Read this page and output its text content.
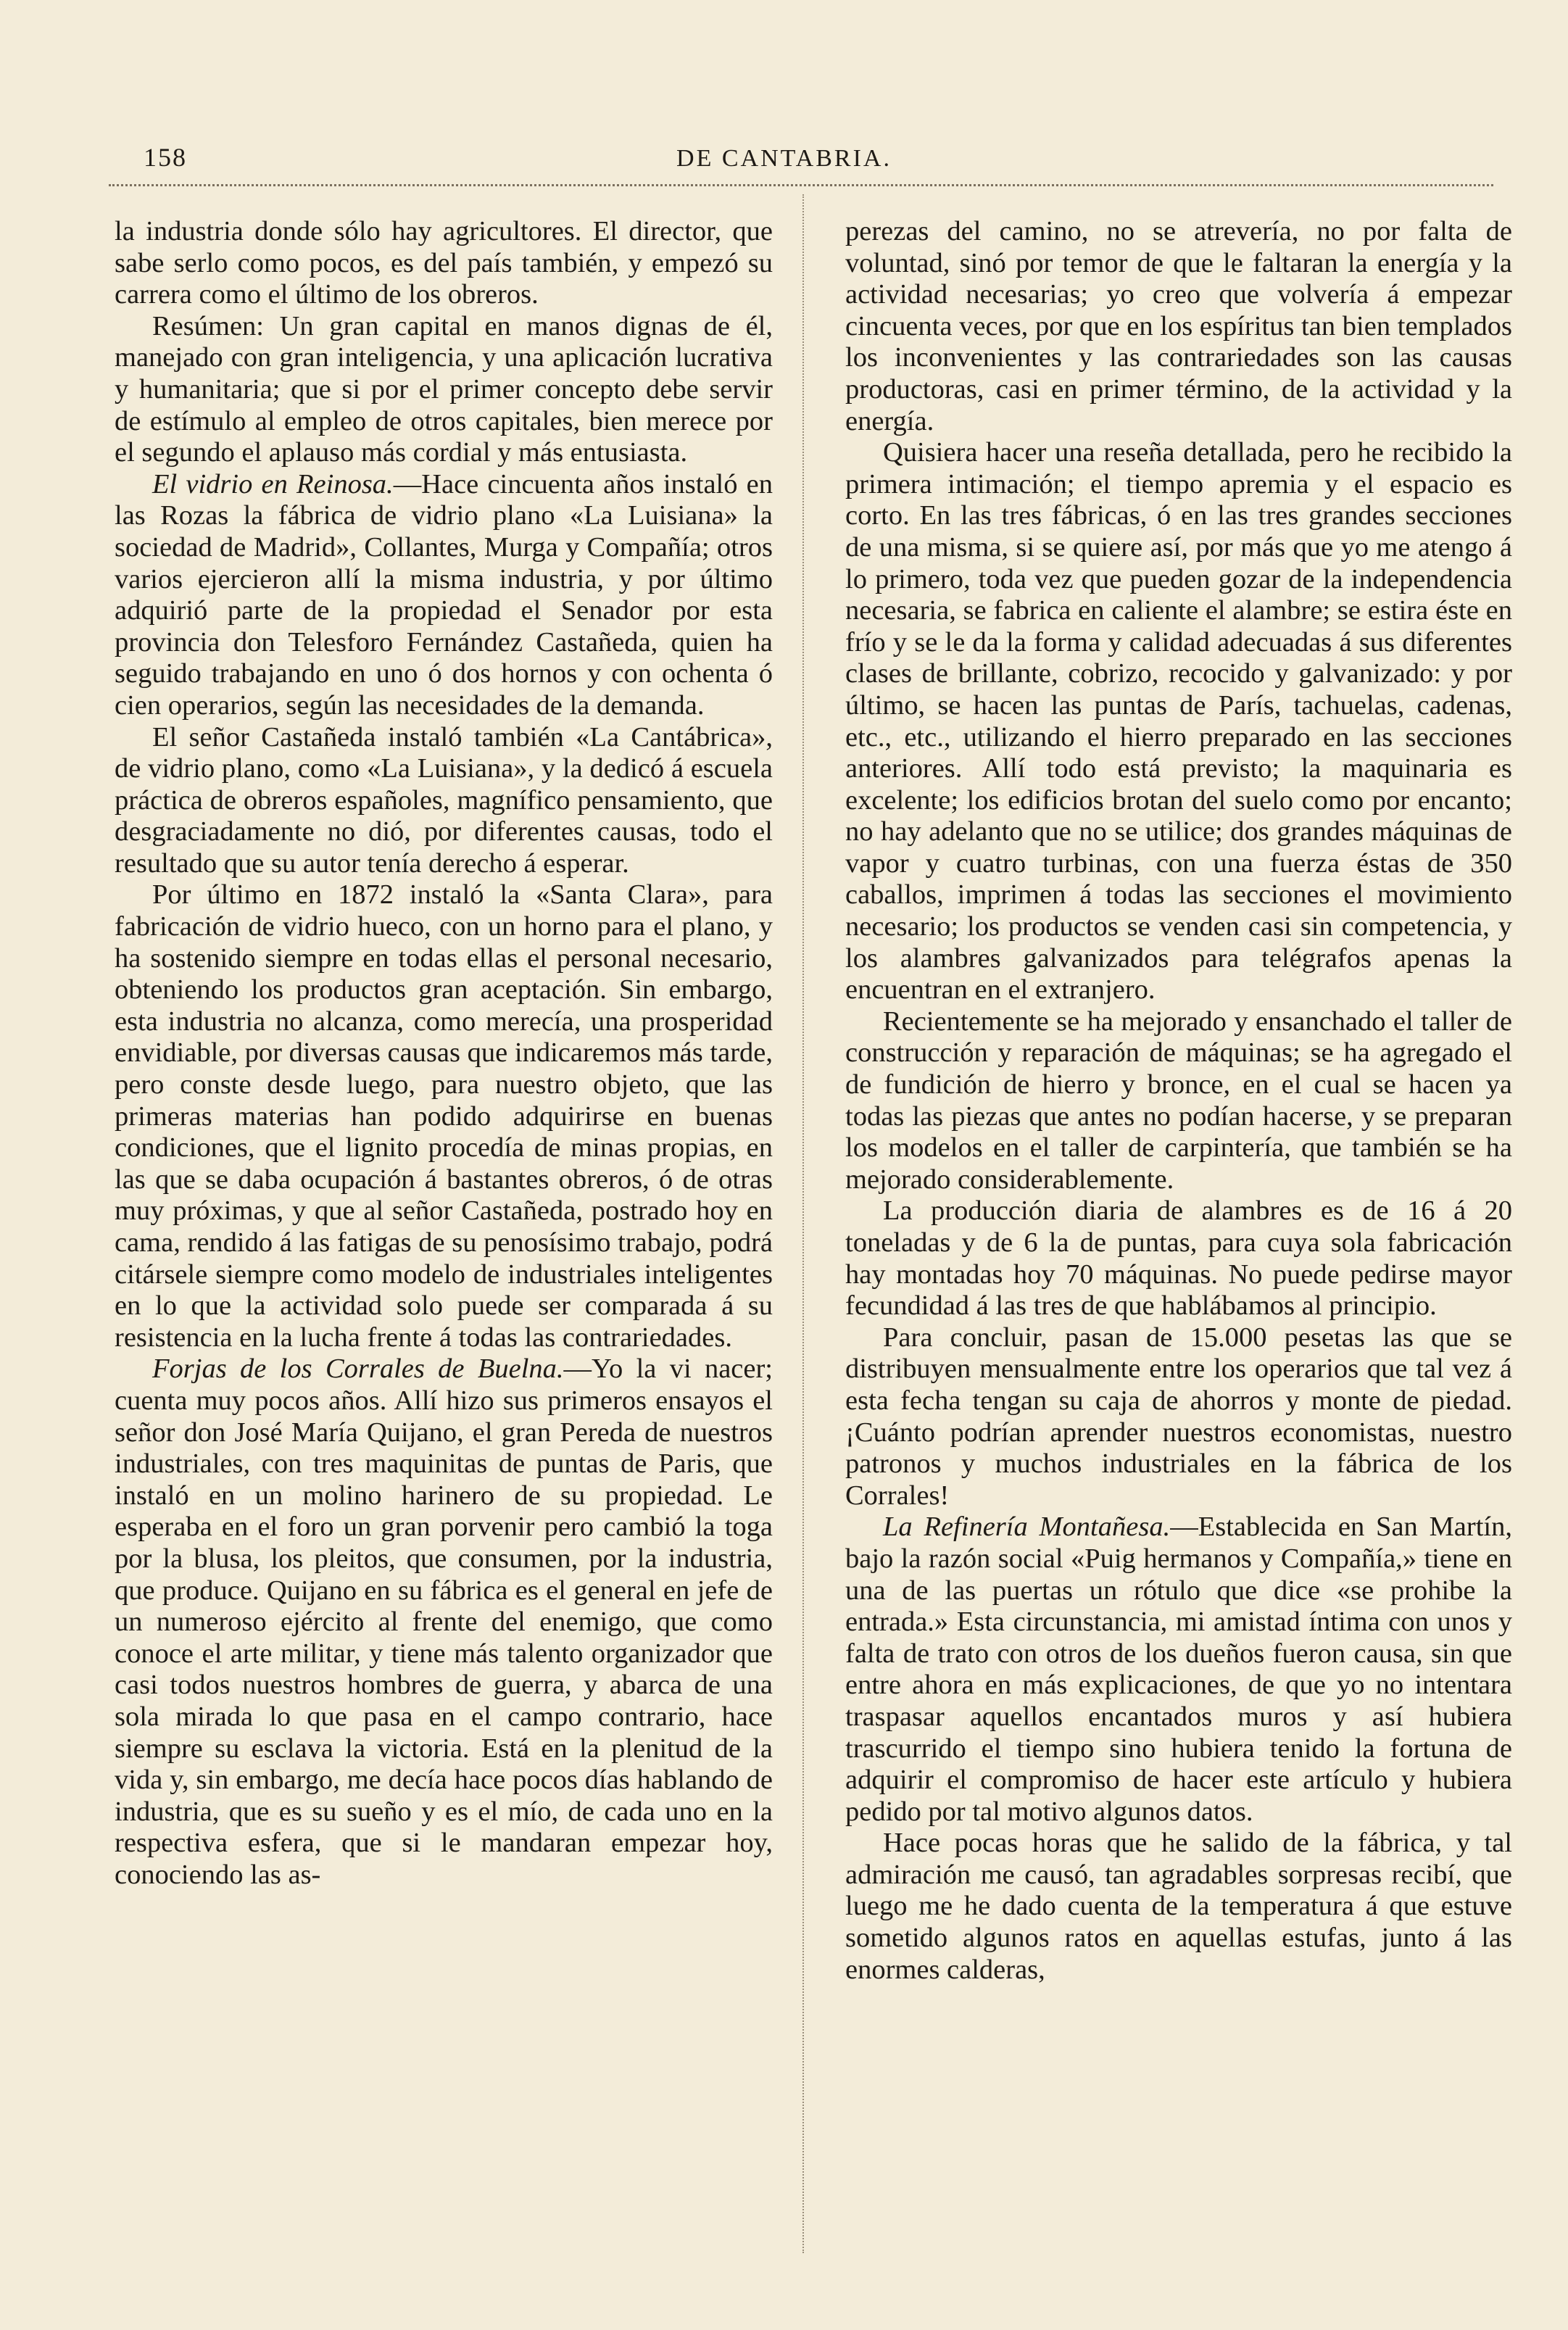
158	DE CANTABRIA.

la industria donde sólo hay agricultores. El director, que sabe serlo como pocos, es del país también, y empezó su carrera como el último de los obreros.

Resúmen: Un gran capital en manos dignas de él, manejado con gran inteligencia, y una aplicación lucrativa y humanitaria; que si por el primer concepto debe servir de estímulo al empleo de otros capitales, bien merece por el segundo el aplauso más cordial y más entusiasta.

El vidrio en Reinosa.—Hace cincuenta años instaló en las Rozas la fábrica de vidrio plano «La Luisiana» la sociedad de Madrid», Collantes, Murga y Compañía; otros varios ejercieron allí la misma industria, y por último adquirió parte de la propiedad el Senador por esta provincia don Telesforo Fernández Castañeda, quien ha seguido trabajando en uno ó dos hornos y con ochenta ó cien operarios, según las necesidades de la demanda.

El señor Castañeda instaló también «La Cantábrica», de vidrio plano, como «La Luisiana», y la dedicó á escuela práctica de obreros españoles, magnífico pensamiento, que desgraciadamente no dió, por diferentes causas, todo el resultado que su autor tenía derecho á esperar.

Por último en 1872 instaló la «Santa Clara», para fabricación de vidrio hueco, con un horno para el plano, y ha sostenido siempre en todas ellas el personal necesario, obteniendo los productos gran aceptación. Sin embargo, esta industria no alcanza, como merecía, una prosperidad envidiable, por diversas causas que indicaremos más tarde, pero conste desde luego, para nuestro objeto, que las primeras materias han podido adquirirse en buenas condiciones, que el lignito procedía de minas propias, en las que se daba ocupación á bastantes obreros, ó de otras muy próximas, y que al señor Castañeda, postrado hoy en cama, rendido á las fatigas de su penosísimo trabajo, podrá citársele siempre como modelo de industriales inteligentes en lo que la actividad solo puede ser comparada á su resistencia en la lucha frente á todas las contrariedades.

Forjas de los Corrales de Buelna.—Yo la vi nacer; cuenta muy pocos años. Allí hizo sus primeros ensayos el señor don José María Quijano, el gran Pereda de nuestros industriales, con tres maquinitas de puntas de Paris, que instaló en un molino harinero de su propiedad. Le esperaba en el foro un gran porvenir pero cambió la toga por la blusa, los pleitos, que consumen, por la industria, que produce. Quijano en su fábrica es el general en jefe de un numeroso ejército al frente del enemigo, que como conoce el arte militar, y tiene más talento organizador que casi todos nuestros hombres de guerra, y abarca de una sola mirada lo que pasa en el campo contrario, hace siempre su esclava la victoria. Está en la plenitud de la vida y, sin embargo, me decía hace pocos días hablando de industria, que es su sueño y es el mío, de cada uno en la respectiva esfera, que si le mandaran empezar hoy, conociendo las as-

perezas del camino, no se atrevería, no por falta de voluntad, sinó por temor de que le faltaran la energía y la actividad necesarias; yo creo que volvería á empezar cincuenta veces, por que en los espíritus tan bien templados los inconvenientes y las contrariedades son las causas productoras, casi en primer término, de la actividad y la energía.

Quisiera hacer una reseña detallada, pero he recibido la primera intimación; el tiempo apremia y el espacio es corto. En las tres fábricas, ó en las tres grandes secciones de una misma, si se quiere así, por más que yo me atengo á lo primero, toda vez que pueden gozar de la independencia necesaria, se fabrica en caliente el alambre; se estira éste en frío y se le da la forma y calidad adecuadas á sus diferentes clases de brillante, cobrizo, recocido y galvanizado: y por último, se hacen las puntas de París, tachuelas, cadenas, etc., etc., utilizando el hierro preparado en las secciones anteriores. Allí todo está previsto; la maquinaria es excelente; los edificios brotan del suelo como por encanto; no hay adelanto que no se utilice; dos grandes máquinas de vapor y cuatro turbinas, con una fuerza éstas de 350 caballos, imprimen á todas las secciones el movimiento necesario; los productos se venden casi sin competencia, y los alambres galvanizados para telégrafos apenas la encuentran en el extranjero.

Recientemente se ha mejorado y ensanchado el taller de construcción y reparación de máquinas; se ha agregado el de fundición de hierro y bronce, en el cual se hacen ya todas las piezas que antes no podían hacerse, y se preparan los modelos en el taller de carpintería, que también se ha mejorado considerablemente.

La producción diaria de alambres es de 16 á 20 toneladas y de 6 la de puntas, para cuya sola fabricación hay montadas hoy 70 máquinas. No puede pedirse mayor fecundidad á las tres de que hablábamos al principio.

Para concluir, pasan de 15.000 pesetas las que se distribuyen mensualmente entre los operarios que tal vez á esta fecha tengan su caja de ahorros y monte de piedad. ¡Cuánto podrían aprender nuestros economistas, nuestro patronos y muchos industriales en la fábrica de los Corrales!

La Refinería Montañesa.—Establecida en San Martín, bajo la razón social «Puig hermanos y Compañía,» tiene en una de las puertas un rótulo que dice «se prohibe la entrada.» Esta circunstancia, mi amistad íntima con unos y falta de trato con otros de los dueños fueron causa, sin que entre ahora en más explicaciones, de que yo no intentara traspasar aquellos encantados muros y así hubiera trascurrido el tiempo sino hubiera tenido la fortuna de adquirir el compromiso de hacer este artículo y hubiera pedido por tal motivo algunos datos.

Hace pocas horas que he salido de la fábrica, y tal admiración me causó, tan agradables sorpresas recibí, que luego me he dado cuenta de la temperatura á que estuve sometido algunos ratos en aquellas estufas, junto á las enormes calderas,
